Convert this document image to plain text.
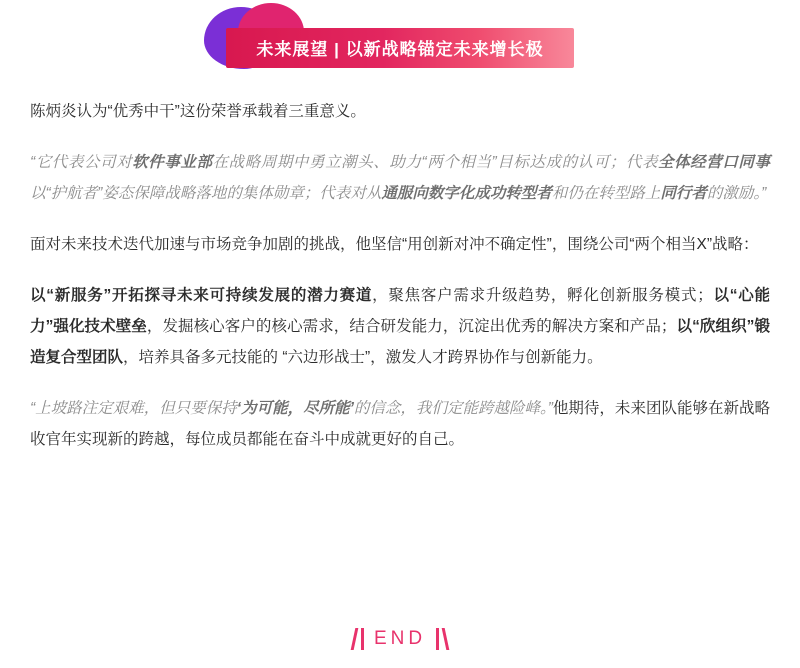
未来展望 | 以新战略锚定未来增长极

陈炳炎认为“优秀中干”这份荣誉承载着三重意义。

“它代表公司对软件事业部在战略周期中勇立潮头、助力“两个相当”目标达成的认可；代表全体经营口同事以“护航者”姿态保障战略落地的集体勋章；代表对从通服向数字化成功转型者和仍在转型路上同行者的激励。”

面对未来技术迭代加速与市场竞争加剧的挑战，他坚信“用创新对冲不确定性”，围绕公司“两个相当X”战略：

以“新服务”开拓探寻未来可持续发展的潜力赛道，聚焦客户需求升级趋势，孵化创新服务模式；以“心能力”强化技术壁垒，发掘核心客户的核心需求，结合研发能力，沉淀出优秀的解决方案和产品；以“欣组织”锻造复合型团队，培养具备多元技能的 “六边形战士”，激发人才跨界协作与创新能力。

“上坡路注定艰难，但只要保持‘为可能，尽所能’的信念，我们定能跨越险峰。”他期待，未来团队能够在新战略收官年实现新的跨越，每位成员都能在奋斗中成就更好的自己。

END
